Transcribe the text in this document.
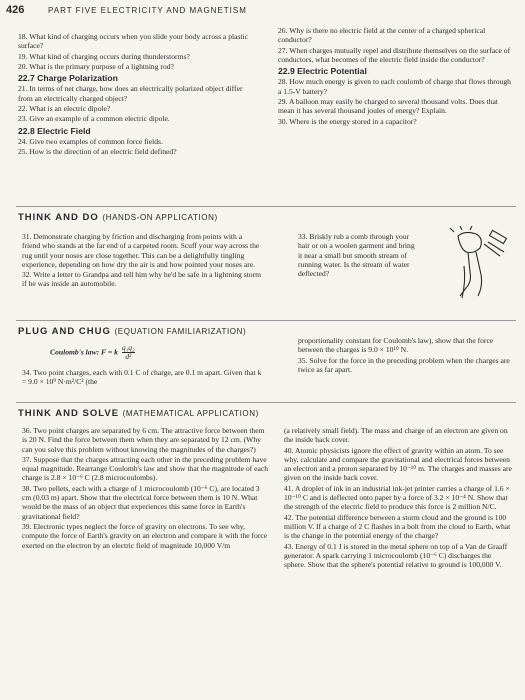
426	PART FIVE ELECTRICITY AND MAGNETISM
18. What kind of charging occurs when you slide your body across a plastic surface?
19. What kind of charging occurs during thunderstorms?
20. What is the primary purpose of a lightning rod?
22.7 Charge Polarization
21. In terms of net charge, how does an electrically polarized object differ from an electrically charged object?
22. What is an electric dipole?
23. Give an example of a common electric dipole.
22.8 Electric Field
24. Give two examples of common force fields.
25. How is the direction of an electric field defined?
26. Why is there no electric field at the center of a charged spherical conductor?
27. When charges mutually repel and distribute themselves on the surface of conductors, what becomes of the electric field inside the conductor?
22.9 Electric Potential
28. How much energy is given to each coulomb of charge that flows through a 1.5-V battery?
29. A balloon may easily be charged to several thousand volts. Does that mean it has several thousand joules of energy? Explain.
30. Where is the energy stored in a capacitor?
THINK AND DO (HANDS-ON APPLICATION)
31. Demonstrate charging by friction and discharging from points with a friend who stands at the far end of a carpeted room. Scuff your way across the rug until your noses are close together. This can be a delightfully tingling experience, depending on how dry the air is and how pointed your noses are.
32. Write a letter to Grandpa and tell him why he'd be safe in a lightning storm if he was inside an automobile.
33. Briskly rub a comb through your hair or on a woolen garment and bring it near a small but smooth stream of running water. Is the stream of water deflected?
PLUG AND CHUG (EQUATION FAMILIARIZATION)
Coulomb's law: F = k $\frac{\text{q₁q₂}}{\text{d²}}$
34. Two point charges, each with 0.1 C of charge, are 0.1 m apart. Given that k = 9.0 × 10⁹ N·m²/C² (the
proportionality constant for Coulomb's law), show that the force between the charges is 9.0 × 10¹⁰ N.
35. Solve for the force in the preceding problem when the charges are twice as far apart.
THINK AND SOLVE (MATHEMATICAL APPLICATION)
36. Two point charges are separated by 6 cm. The attractive force between them is 20 N. Find the force between them when they are separated by 12 cm. (Why can you solve this problem without knowing the magnitudes of the charges?)
37. Suppose that the charges attracting each other in the preceding problem have equal magnitude. Rearrange Coulomb's law and show that the magnitude of each charge is 2.8 × 10⁻⁶ C (2.8 microcoulombs).
38. Two pellets, each with a charge of 1 microcoulomb (10⁻⁶ C), are located 3 cm (0.03 m) apart. Show that the electrical force between them is 10 N. What would be the mass of an object that experiences this same force in Earth's gravitational field?
39. Electronic types neglect the force of gravity on electrons. To see why, compute the force of Earth's gravity on an electron and compare it with the force exerted on the electron by an electric field of magnitude 10,000 V/m
(a relatively small field). The mass and charge of an electron are given on the inside back cover.
40. Atomic physicists ignore the effect of gravity within an atom. To see why, calculate and compare the gravitational and electrical forces between an electron and a proton separated by 10⁻¹⁰ m. The charges and masses are given on the inside back cover.
41. A droplet of ink in an industrial ink-jet printer carries a charge of 1.6 × 10⁻¹⁰ C and is deflected onto paper by a force of 3.2 × 10⁻⁴ N. Show that the strength of the electric field to produce this force is 2 million N/C.
42. The potential difference between a storm cloud and the ground is 100 million V. If a charge of 2 C flashes in a bolt from the cloud to Earth, what is the change in the potential energy of the charge?
43. Energy of 0.1 J is stored in the metal sphere on top of a Van de Graaff generator. A spark carrying 1 microcoulomb (10⁻⁶ C) discharges the sphere. Show that the sphere's potential relative to ground is 100,000 V.
